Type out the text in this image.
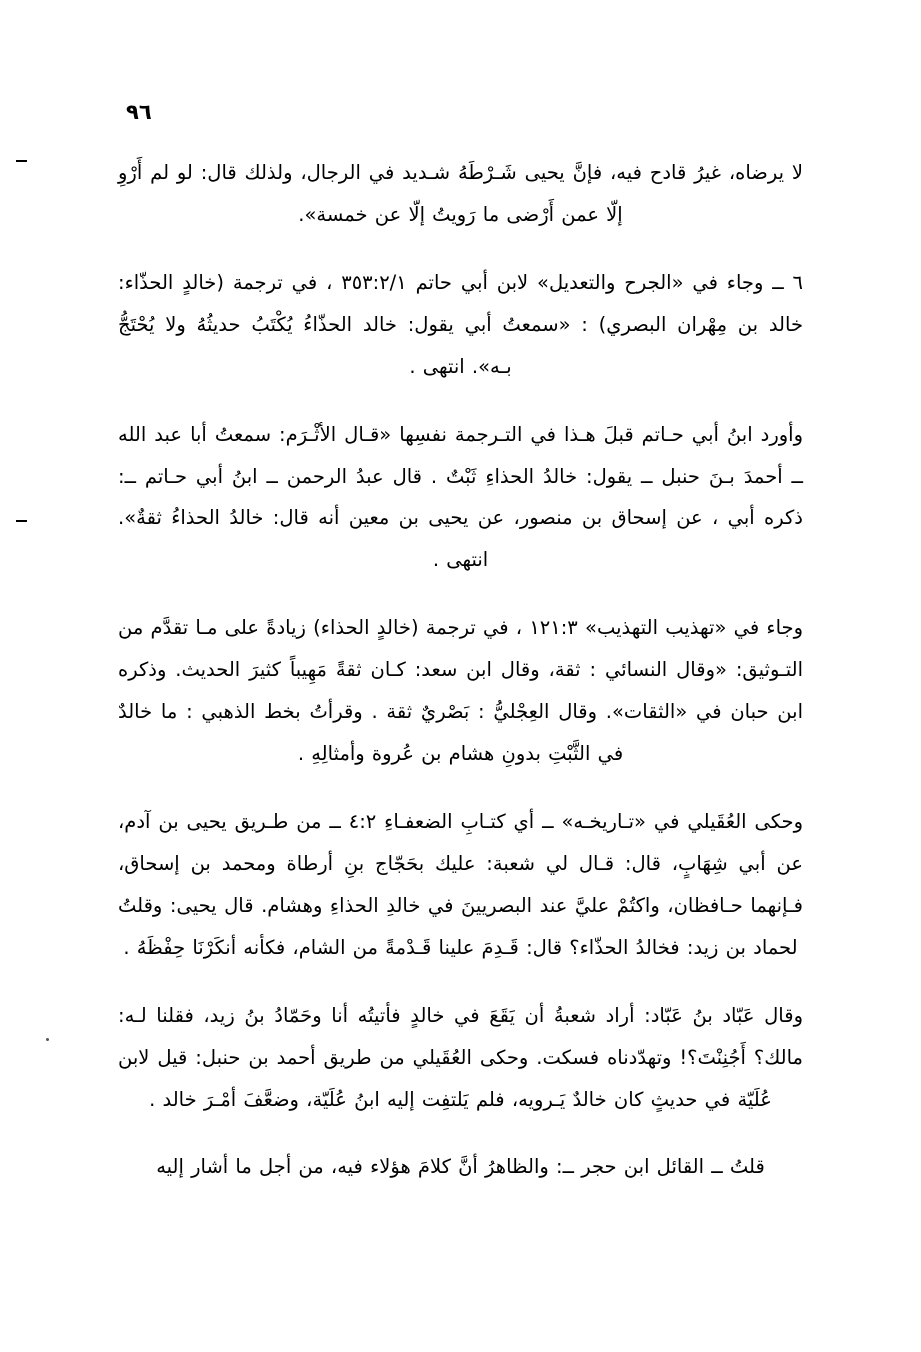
٩٦

لا يرضاه، غيرُ قادح فيه، فإنَّ يحيى شَـرْطَهُ شـديد في الرجال، ولذلك قال: لو لم أَرْوِ إلّا عمن أَرْضى ما رَويتُ إلّا عن خمسة».

٦ ــ وجاء في «الجرح والتعديل» لابن أبي حاتم ٣٥٣:٢/١ ، في ترجمة (خالدٍ الحذّاء: خالد بن مِهْران البصري) : «سمعتُ أبي يقول: خالد الحذّاءُ يُكْتَبُ حديثُهُ ولا يُحْتَجُّ بـه». انتهى .

وأورد ابنُ أبي حـاتم قبلَ هـذا في التـرجمة نفسِها «قـال الأثْـرَم: سمعتُ أبا عبد الله ــ أحمدَ بـنَ حنبل ــ يقول: خالدُ الحذاءِ ثَبْتٌ . قال عبدُ الرحمن ــ ابنُ أبي حـاتم ــ: ذكره أبي ، عن إسحاق بن منصور، عن يحيى بن معين أنه قال: خالدُ الحذاءُ ثقةٌ». انتهى .

وجاء في «تهذيب التهذيب» ١٢١:٣ ، في ترجمة (خالدٍ الحذاء) زيادةً على مـا تقدَّم من التـوثيق: «وقال النسائي : ثقة، وقال ابن سعد: كـان ثقةً مَهِيباً كثيرَ الحديث. وذكره ابن حبان في «الثقات». وقال العِجْليُّ : بَصْريٌ ثقة . وقرأتُ بخط الذهبي : ما خالدٌ في الثَّبْتِ بدونِ هشام بن عُروة وأمثالِهِ .

وحكى العُقَيلي في «تـاريخـه» ــ أي كتـابِ الضعفـاءِ ٤:٢ ــ من طـريق يحيى بن آدم، عن أبي شِهَابٍ، قال: قـال لي شعبة: عليك بحَجّاج بنِ أرطاة ومحمد بن إسحاق، فـإنهما حـافظان، واكتُمْ عليَّ عند البصريينَ في خالدِ الحذاءِ وهشام. قال يحيى: وقلتُ لحماد بن زيد: فخالدُ الحذّاء؟ قال: قَـدِمَ علينا قَـدْمةً من الشام، فكأنه أنكَرْنَا حِفْظَهُ .

وقال عَبّاد بنُ عَبّاد: أراد شعبةُ أن يَقَعَ في خالدٍ فأتيتُه أنا وحَمّادُ بنُ زيد، فقلنا لـه: مالك؟ أَجُنِنْتَ؟! وتهدّدناه فسكت. وحكى العُقَيلي من طريق أحمد بن حنبل: قيل لابن عُلَيّة في حديثٍ كان خالدٌ يَـرويه، فلم يَلتفِت إليه ابنُ عُلَيّة، وضعَّفَ أمْـرَ خالد .

قلتُ ــ القائل ابن حجر ــ: والظاهرُ أنَّ كلامَ هؤلاء فيه، من أجل ما أشار إليه
